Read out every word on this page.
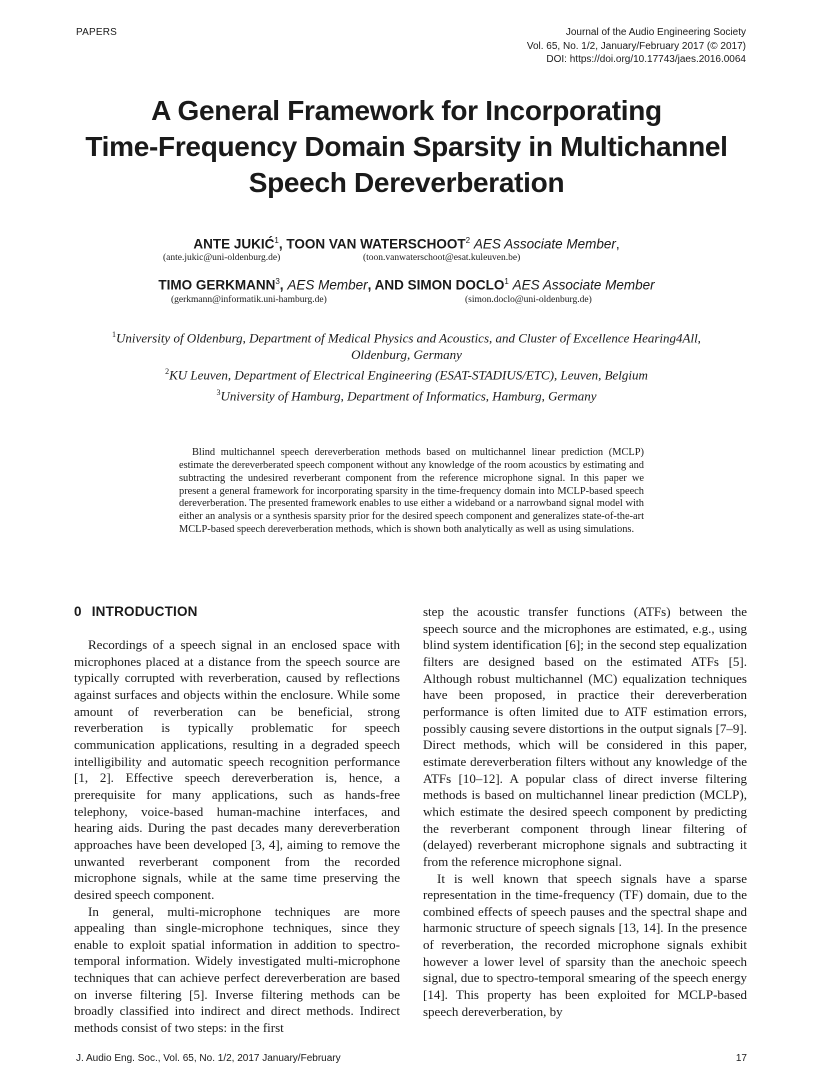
PAPERS	Journal of the Audio Engineering Society
Vol. 65, No. 1/2, January/February 2017 (© 2017)
DOI: https://doi.org/10.17743/jaes.2016.0064
A General Framework for Incorporating
Time-Frequency Domain Sparsity in Multichannel
Speech Dereverberation
ANTE JUKIĆ$^1$, TOON VAN WATERSCHOOT$^2$ AES Associate Member,
(ante.jukic@uni-oldenburg.de)	(toon.vanwaterschoot@esat.kuleuven.be)
TIMO GERKMANN$^3$, AES Member, AND SIMON DOCLO$^1$ AES Associate Member
(gerkmann@informatik.uni-hamburg.de)	(simon.doclo@uni-oldenburg.de)
$^1$University of Oldenburg, Department of Medical Physics and Acoustics, and Cluster of Excellence Hearing4All,
Oldenburg, Germany
$^2$KU Leuven, Department of Electrical Engineering (ESAT-STADIUS/ETC), Leuven, Belgium
$^3$University of Hamburg, Department of Informatics, Hamburg, Germany
Blind multichannel speech dereverberation methods based on multichannel linear prediction (MCLP) estimate the dereverberated speech component without any knowledge of the room acoustics by estimating and subtracting the undesired reverberant component from the reference microphone signal. In this paper we present a general framework for incorporating sparsity in the time-frequency domain into MCLP-based speech dereverberation. The presented framework enables to use either a wideband or a narrowband signal model with either an analysis or a synthesis sparsity prior for the desired speech component and generalizes state-of-the-art MCLP-based speech dereverberation methods, which is shown both analytically as well as using simulations.
0 INTRODUCTION

Recordings of a speech signal in an enclosed space with microphones placed at a distance from the speech source are typically corrupted with reverberation, caused by reflections against surfaces and objects within the enclosure. While some amount of reverberation can be beneficial, strong reverberation is typically problematic for speech communication applications, resulting in a degraded speech intelligibility and automatic speech recognition performance [1, 2]. Effective speech dereverberation is, hence, a prerequisite for many applications, such as hands-free telephony, voice-based human-machine interfaces, and hearing aids. During the past decades many dereverberation approaches have been developed [3, 4], aiming to remove the unwanted reverberant component from the recorded microphone signals, while at the same time preserving the desired speech component.

In general, multi-microphone techniques are more appealing than single-microphone techniques, since they enable to exploit spatial information in addition to spectro-temporal information. Widely investigated multi-microphone techniques that can achieve perfect dereverberation are based on inverse filtering [5]. Inverse filtering methods can be broadly classified into indirect and direct methods. Indirect methods consist of two steps: in the first

step the acoustic transfer functions (ATFs) between the speech source and the microphones are estimated, e.g., using blind system identification [6]; in the second step equalization filters are designed based on the estimated ATFs [5]. Although robust multichannel (MC) equalization techniques have been proposed, in practice their dereverberation performance is often limited due to ATF estimation errors, possibly causing severe distortions in the output signals [7–9]. Direct methods, which will be considered in this paper, estimate dereverberation filters without any knowledge of the ATFs [10–12]. A popular class of direct inverse filtering methods is based on multichannel linear prediction (MCLP), which estimate the desired speech component by predicting the reverberant component through linear filtering of (delayed) reverberant microphone signals and subtracting it from the reference microphone signal.

It is well known that speech signals have a sparse representation in the time-frequency (TF) domain, due to the combined effects of speech pauses and the spectral shape and harmonic structure of speech signals [13, 14]. In the presence of reverberation, the recorded microphone signals exhibit however a lower level of sparsity than the anechoic speech signal, due to spectro-temporal smearing of the speech energy [14]. This property has been exploited for MCLP-based speech dereverberation, by

J. Audio Eng. Soc., Vol. 65, No. 1/2, 2017 January/February	17
